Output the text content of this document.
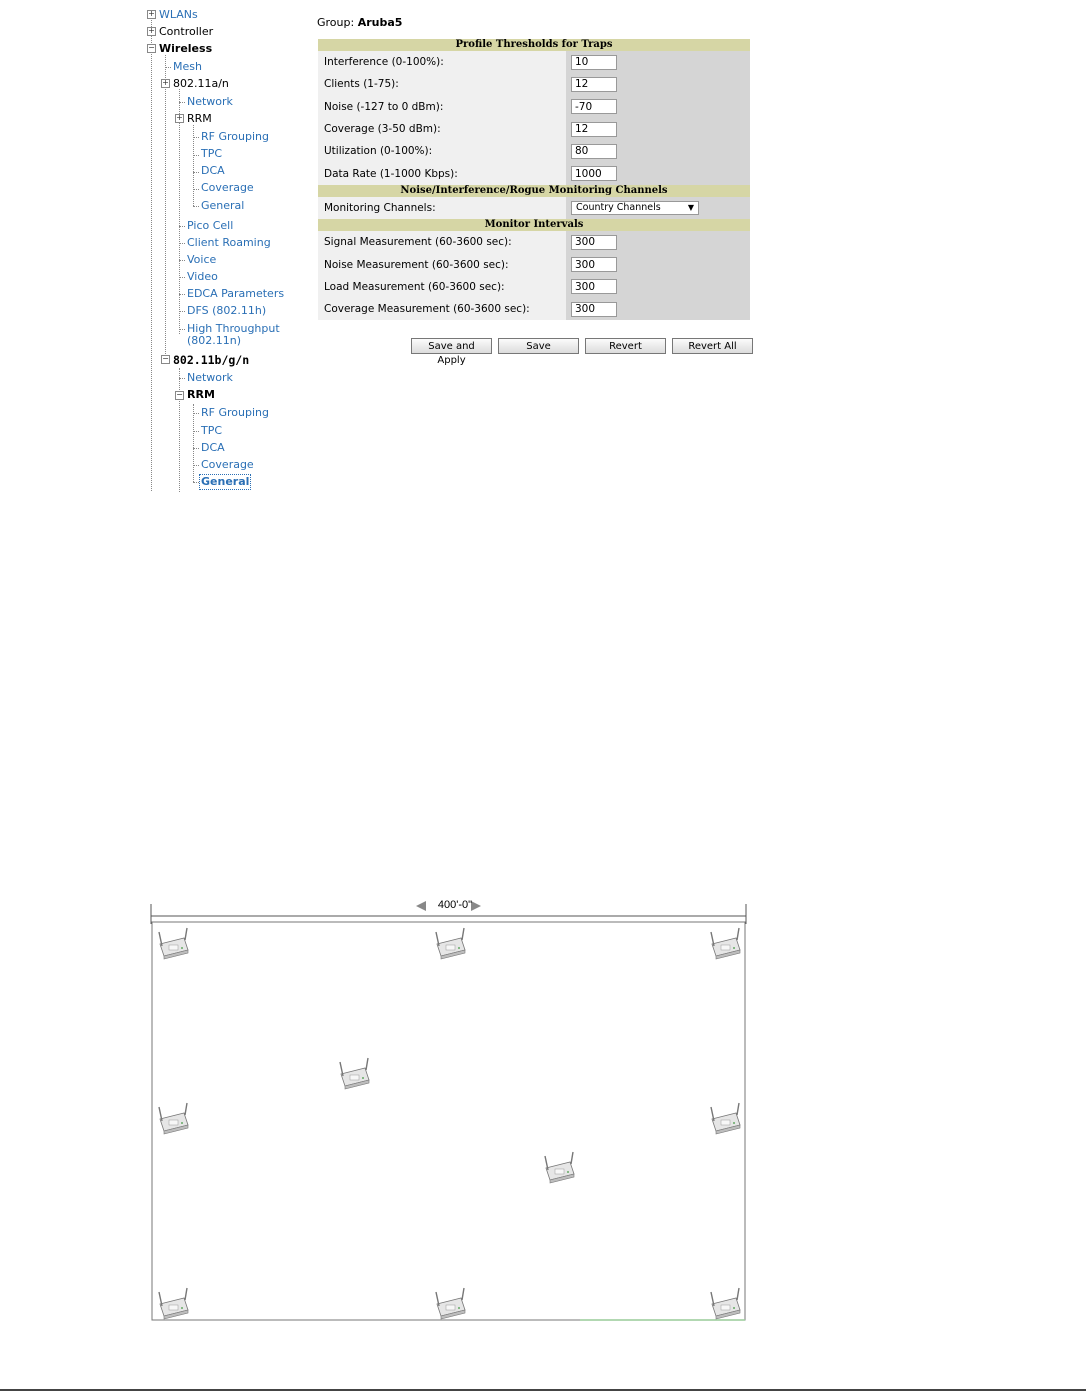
+
+
−
+
+
−
−
WLANs
Controller
Wireless
Mesh
802.11a/n
Network
RRM
RF Grouping
TPC
DCA
Coverage
General
Pico Cell
Client Roaming
Voice
Video
EDCA Parameters
DFS (802.11h)
High Throughput
(802.11n)
802.11b/g/n
Network
RRM
RF Grouping
TPC
DCA
Coverage
General
Group: Aruba5
Profile Thresholds for Traps
Interference (0-100%):
10
Clients (1-75):
12
Noise (-127 to 0 dBm):
-70
Coverage (3-50 dBm):
12
Utilization (0-100%):
80
Data Rate (1-1000 Kbps):
1000
Noise/Interference/Rogue Monitoring Channels
Monitoring Channels:	Country Channels	▼
Monitor Intervals
Signal Measurement (60-3600 sec):
300
Noise Measurement (60-3600 sec):
300
Load Measurement (60-3600 sec):
300
Coverage Measurement (60-3600 sec):
300
Save and Apply
Save	Revert	Revert All
400'-0"
